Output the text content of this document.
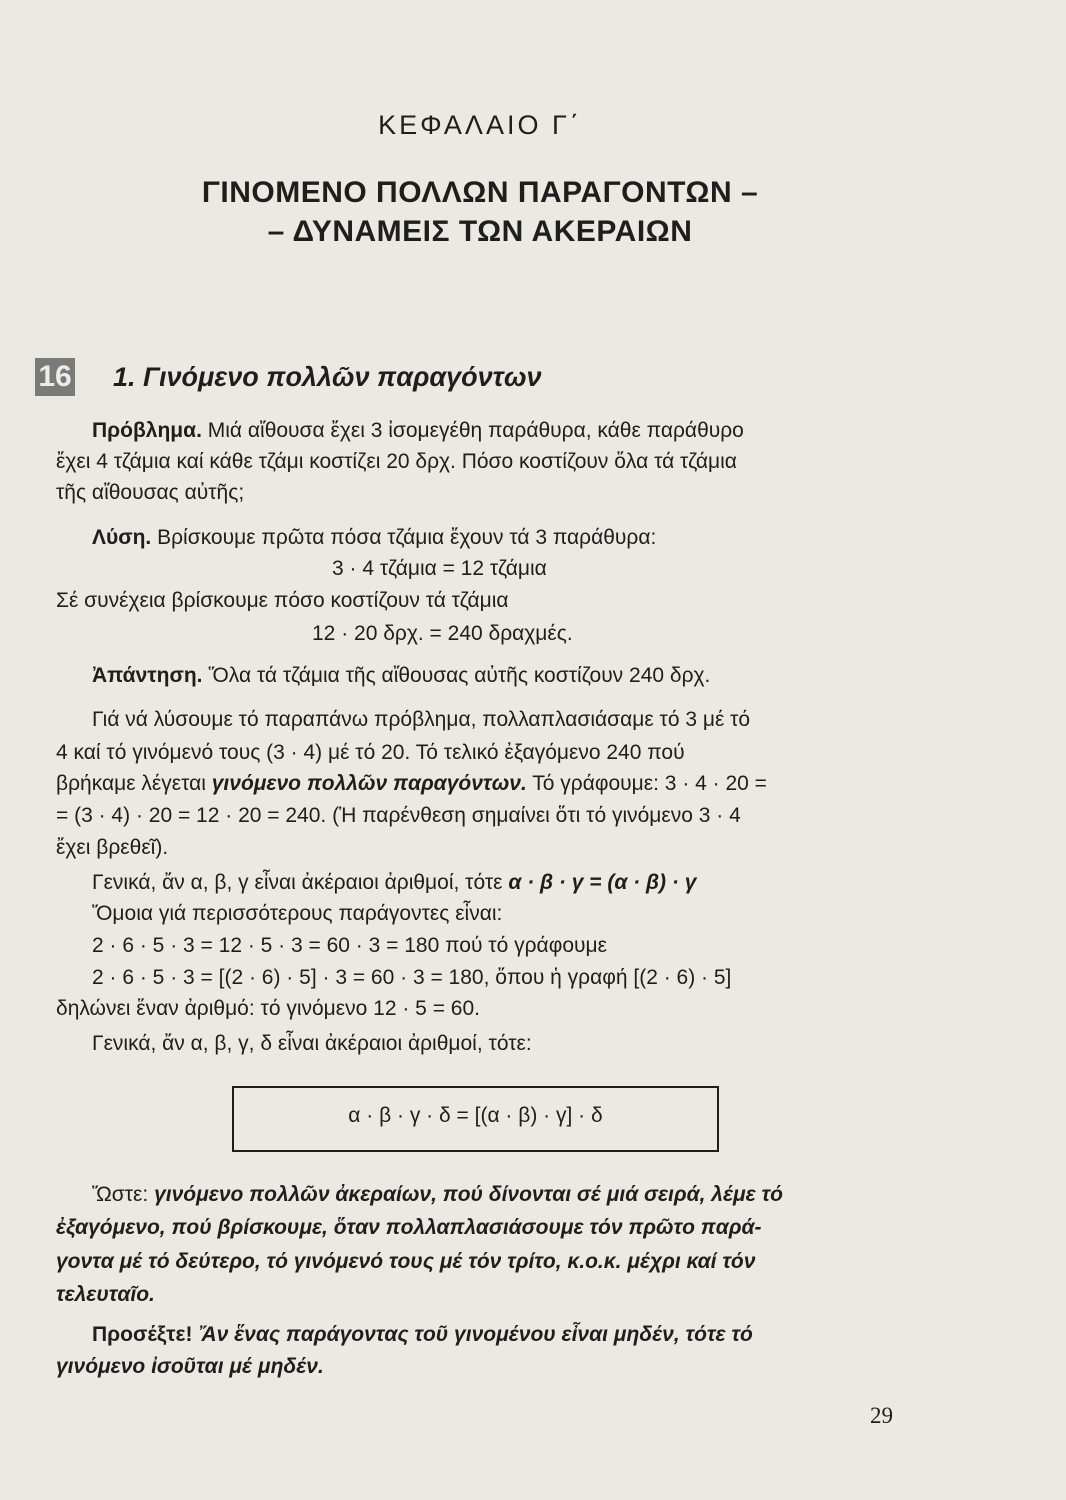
ΚΕΦΑΛΑΙΟ Γ΄
ΓΙΝΟΜΕΝΟ ΠΟΛΛΩΝ ΠΑΡΑΓΟΝΤΩΝ –
– ΔΥΝΑΜΕΙΣ ΤΩΝ ΑΚΕΡΑΙΩΝ
16 1. Γινόμενο πολλῶν παραγόντων
Πρόβλημα. Μιά αἴθουσα ἔχει 3 ἰσομεγέθη παράθυρα, κάθε παράθυρο
ἔχει 4 τζάμια καί κάθε τζάμι κοστίζει 20 δρχ. Πόσο κοστίζουν ὅλα τά τζάμια
τῆς αἴθουσας αὐτῆς;
Λύση. Βρίσκουμε πρῶτα πόσα τζάμια ἔχουν τά 3 παράθυρα:
3 · 4 τζάμια = 12 τζάμια
Σέ συνέχεια βρίσκουμε πόσο κοστίζουν τά τζάμια
12 · 20 δρχ. = 240 δραχμές.
Ἀπάντηση. Ὅλα τά τζάμια τῆς αἴθουσας αὐτῆς κοστίζουν 240 δρχ.
Γιά νά λύσουμε τό παραπάνω πρόβλημα, πολλαπλασιάσαμε τό 3 μέ τό
4 καί τό γινόμενό τους (3 · 4) μέ τό 20. Τό τελικό ἐξαγόμενο 240 πού
βρήκαμε λέγεται γινόμενο πολλῶν παραγόντων. Τό γράφουμε: 3 · 4 · 20 =
= (3 · 4) · 20 = 12 · 20 = 240. (Ἡ παρένθεση σημαίνει ὅτι τό γινόμενο 3 · 4
ἔχει βρεθεῖ).
Γενικά, ἄν α, β, γ εἶναι ἀκέραιοι ἀριθμοί, τότε α · β · γ = (α · β) · γ
Ὅμοια γιά περισσότερους παράγοντες εἶναι:
2 · 6 · 5 · 3 = 12 · 5 · 3 = 60 · 3 = 180 πού τό γράφουμε
2 · 6 · 5 · 3 = [(2 · 6) · 5] · 3 = 60 · 3 = 180, ὅπου ἡ γραφή [(2 · 6) · 5]
δηλώνει ἕναν ἀριθμό: τό γινόμενο 12 · 5 = 60.
Γενικά, ἄν α, β, γ, δ εἶναι ἀκέραιοι ἀριθμοί, τότε:
α · β · γ · δ = [(α · β) · γ] · δ
Ὥστε: γινόμενο πολλῶν ἀκεραίων, πού δίνονται σέ μιά σειρά, λέμε τό
ἐξαγόμενο, πού βρίσκουμε, ὅταν πολλαπλασιάσουμε τόν πρῶτο παρά-
γοντα μέ τό δεύτερο, τό γινόμενό τους μέ τόν τρίτο, κ.ο.κ. μέχρι καί τόν
τελευταῖο.
Προσέξτε! Ἄν ἕνας παράγοντας τοῦ γινομένου εἶναι μηδέν, τότε τό
γινόμενο ἰσοῦται μέ μηδέν.
29
